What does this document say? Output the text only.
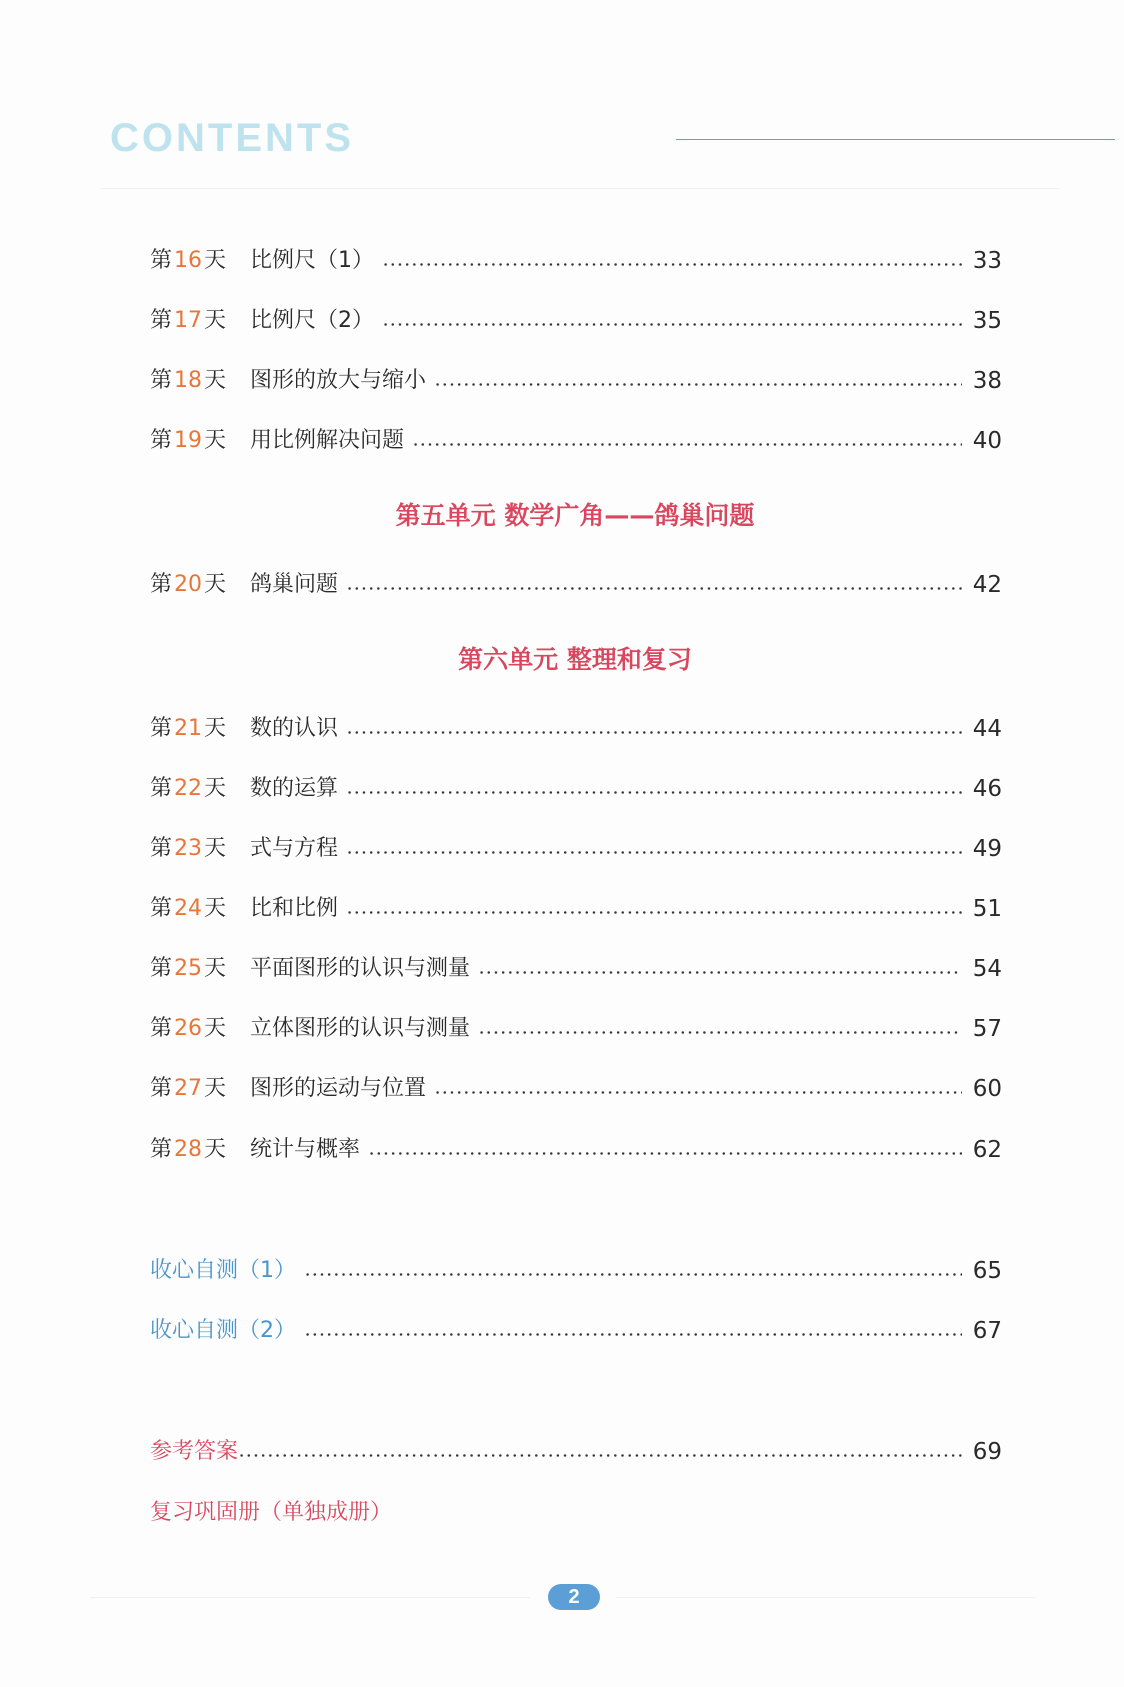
CONTENTS
第16天 比例尺（1）	33
第17天 比例尺（2）	35
第18天 图形的放大与缩小	38
第19天 用比例解决问题	40
第五单元 数学广角——鸽巢问题
第20天 鸽巢问题	42
第六单元 整理和复习
第21天 数的认识	44
第22天 数的运算	46
第23天 式与方程	49
第24天 比和比例	51
第25天 平面图形的认识与测量	54
第26天 立体图形的认识与测量	57
第27天 图形的运动与位置	60
第28天 统计与概率	62
收心自测（1）	65
收心自测（2）	67
参考答案	69
复习巩固册（单独成册）
2
